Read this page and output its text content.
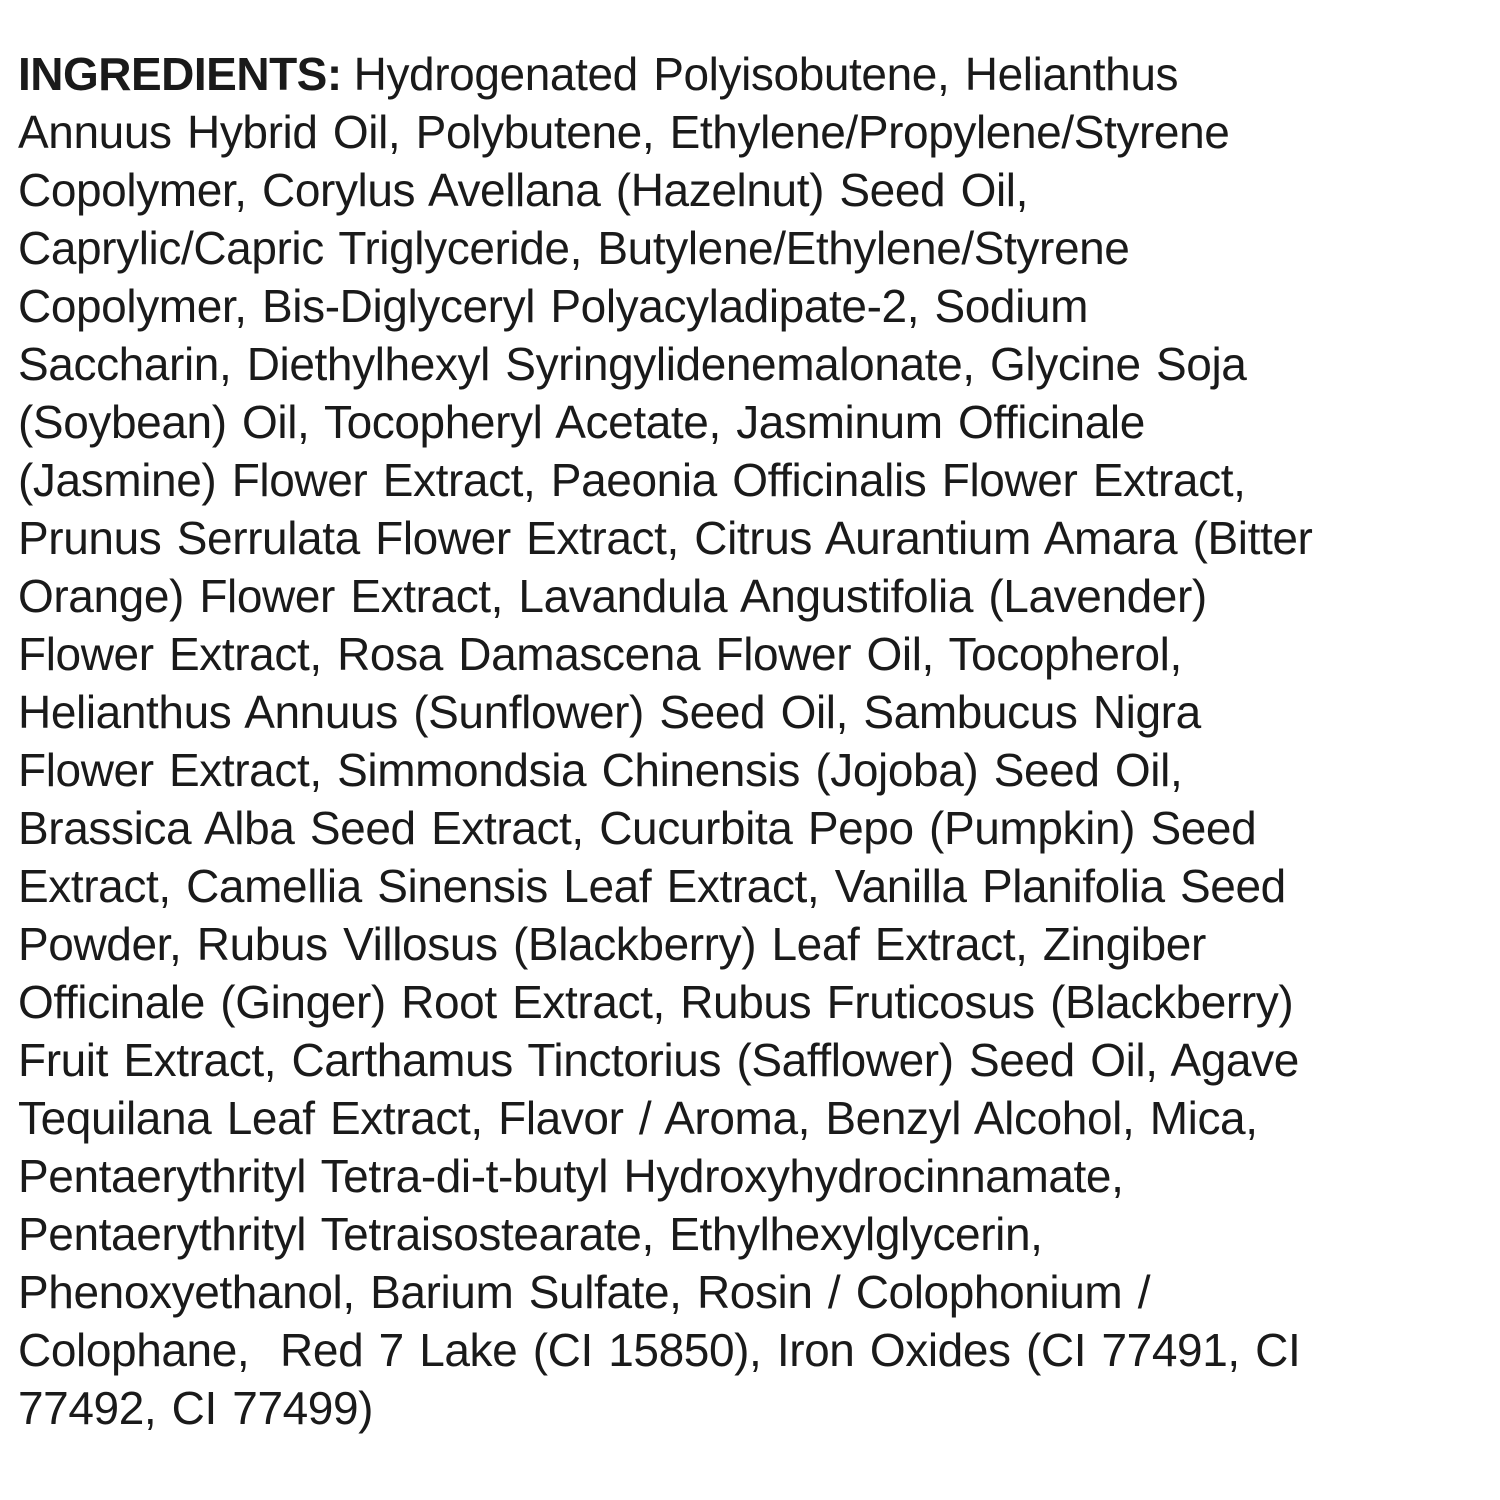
INGREDIENTS: Hydrogenated Polyisobutene, Helianthus
Annuus Hybrid Oil, Polybutene, Ethylene/Propylene/Styrene
Copolymer, Corylus Avellana (Hazelnut) Seed Oil,
Caprylic/Capric Triglyceride, Butylene/Ethylene/Styrene
Copolymer, Bis-Diglyceryl Polyacyladipate-2, Sodium
Saccharin, Diethylhexyl Syringylidenemalonate, Glycine Soja
(Soybean) Oil, Tocopheryl Acetate, Jasminum Officinale
(Jasmine) Flower Extract, Paeonia Officinalis Flower Extract,
Prunus Serrulata Flower Extract, Citrus Aurantium Amara (Bitter
Orange) Flower Extract, Lavandula Angustifolia (Lavender)
Flower Extract, Rosa Damascena Flower Oil, Tocopherol,
Helianthus Annuus (Sunflower) Seed Oil, Sambucus Nigra
Flower Extract, Simmondsia Chinensis (Jojoba) Seed Oil,
Brassica Alba Seed Extract, Cucurbita Pepo (Pumpkin) Seed
Extract, Camellia Sinensis Leaf Extract, Vanilla Planifolia Seed
Powder, Rubus Villosus (Blackberry) Leaf Extract, Zingiber
Officinale (Ginger) Root Extract, Rubus Fruticosus (Blackberry)
Fruit Extract, Carthamus Tinctorius (Safflower) Seed Oil, Agave
Tequilana Leaf Extract, Flavor / Aroma, Benzyl Alcohol, Mica,
Pentaerythrityl Tetra-di-t-butyl Hydroxyhydrocinnamate,
Pentaerythrityl Tetraisostearate, Ethylhexylglycerin,
Phenoxyethanol, Barium Sulfate, Rosin / Colophonium /
Colophane,  Red 7 Lake (CI 15850), Iron Oxides (CI 77491, CI
77492, CI 77499)
